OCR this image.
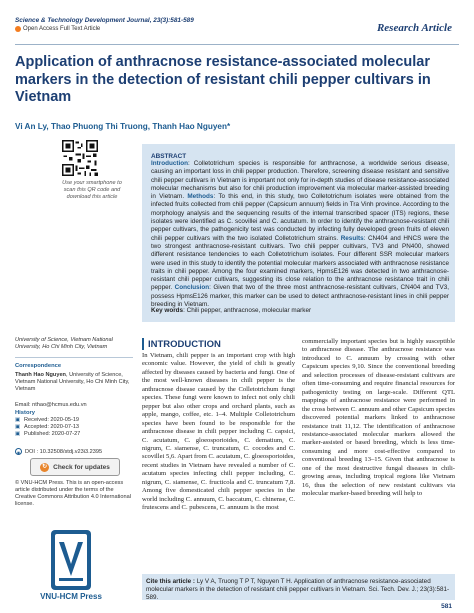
Science & Technology Development Journal, 23(3):581-589
Open Access Full Text Article	Research Article
Application of anthracnose resistance-associated molecular markers in the detection of resistant chili pepper cultivars in Vietnam
Vi An Ly, Thao Phuong Thi Truong, Thanh Hao Nguyen*
Use your smartphone to scan this QR code and download this article
ABSTRACT
Introduction: Colletotrichum species is responsible for anthracnose, a worldwide serious disease, causing an important loss in chili pepper production. Therefore, screening disease resistant and sensitive chili pepper cultivars in Vietnam is important not only for in-depth studies of disease resistance-associated molecular mechanisms but also for chili production improvement via molecular marker-assisted breeding in Vietnam. Methods: To this end, in this study, two Colletotrichum isolates were obtained from the infected fruits collected from chili pepper (Capsicum annuum) fields in Tra Vinh province. According to the morphology analysis and the sequencing results of the internal transcribed spacer (ITS) regions, these isolates were identified as C. scovillei and C. acutatum. In order to identify the anthracnose-resistant chili pepper cultivars, the pathogenicity test was conducted by infecting fully developed green fruits of eleven chili pepper cultivars with the two isolated Colletotrichum strains. Results: CN404 and HNCS were the two strongest anthracnose-resistant cultivars. Two chili pepper cultivars, TV3 and PN400, showed different resistance tendencies to each Colletotrichum isolates. Four different SSR molecular markers were used in this study to identify the potential molecular markers associated with anthracnose resistance traits in chili pepper. Among the four examined markers, HpmsE126 was detected in two anthracnose-resistant chili pepper cultivars, suggesting its close relation to the anthracnose resistance trait in chili pepper. Conclusion: Given that two of the three most anthracnose-resistant cultivars, CN404 and TV3, possess HpmsE126 marker, this marker can be used to detect anthracnose-resistant lines in chili pepper breeding in Vietnam.
Key words: Chili pepper, anthracnose, molecular marker
University of Science, Vietnam National University, Ho Chi Minh City, Vietnam
Correspondence
Thanh Hao Nguyen, University of Science, Vietnam National University, Ho Chi Minh City, Vietnam
Email: nthao@hcmus.edu.vn
History
▣ Received: 2020-05-19
▣ Accepted: 2020-07-13
▣ Published: 2020-07-27
◉ DOI : 10.32508/stdj.v23i3.2395
↻ Check for updates
© VNU-HCM Press. This is an open-access article distributed under the terms of the Creative Commons Attribution 4.0 International license.
VNU-HCM Press
INTRODUCTION
In Vietnam, chili pepper is an important crop with high economic value. However, the yield of chili is greatly affected by diseases caused by bacteria and fungi. One of the most well-known diseases in chili pepper is the anthracnose disease caused by the Colletotrichum fungi species. These fungi were known to infect not only chili pepper but also other crops and orchard plants, such as apple, mango, coffee, etc. 1–4. Multiple Colletotrichum species have been found to be responsible for the anthracnose disease in chili pepper including C. capsici, C. acutatum, C. gloeosporioides, C. dematium, C. nigrum, C. siamense, C. truncatum, C. cocodes and C. scovillei 5,6. Apart from C. acutatum, C. gloeosporioides, recent studies in Vietnam have revealed a number of C. acutatum species infecting chili pepper including, C. nigrum, C. siamense, C. fructicola and C. truncatum 7,8. Among five domesticated chili pepper species in the world including C. annuum, C. baccatum, C. chinense, C. frutescens and C. pubescens, C. annuum is the most
commercially important species but is highly susceptible to anthracnose disease. The anthracnose resistance was introduced to C. annuum by crossing with other Capsicum species 9,10. Since the conventional breeding and selection processes of disease-resistant cultivars are often time-consuming and require financial resources for pathogenicity testing on large-scale. Different QTL mappings of anthracnose resistance were performed in the cross between C. annuum and other Capsicum species discovered potential markers linked to anthracnose resistance trait 11,12. The identification of anthracnose resistance-associated molecular markers allowed the marker-assisted or based breeding, which is less time-consuming and more cost-effective compared to conventional breeding 13–15. Given that anthracnose is one of the most destructive fungal diseases in chili-growing areas, including tropical regions like Vietnam 16, thus the selection of new resistant cultivars via molecular marker-based breeding will help to
Cite this article : Ly V A, Truong T P T, Nguyen T H. Application of anthracnose resistance-associated molecular markers in the detection of resistant chili pepper cultivars in Vietnam. Sci. Tech. Dev. J.; 23(3):581-589.
581
